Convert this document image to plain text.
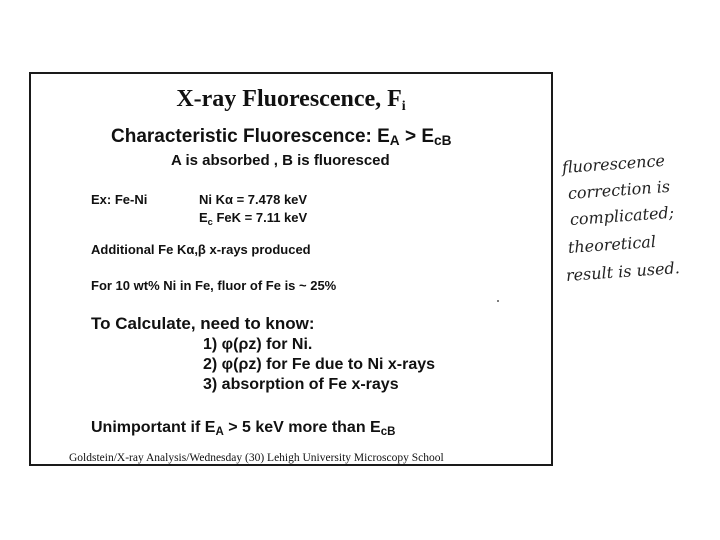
X-ray Fluorescence, $F_i$
Characteristic Fluorescence: $E_A > E_{cB}$
A is absorbed , B is fluoresced
Ex: Fe-Ni	Ni Kα = 7.478 keV
$E_c$ FeK = 7.11 keV
Additional Fe Kα,β x-rays produced
For 10 wt% Ni in Fe, fluor of Fe is ~ 25%
To Calculate, need to know:
1) φ(ρz) for Ni.
2) φ(ρz) for Fe due to Ni x-rays
3) absorption of Fe x-rays
Unimportant if $E_A > 5$ keV more than $E_{cB}$
Goldstein/X-ray Analysis/Wednesday (30) Lehigh University Microscopy School
fluorescence
correction is
complicated;
theoretical
result is used.
